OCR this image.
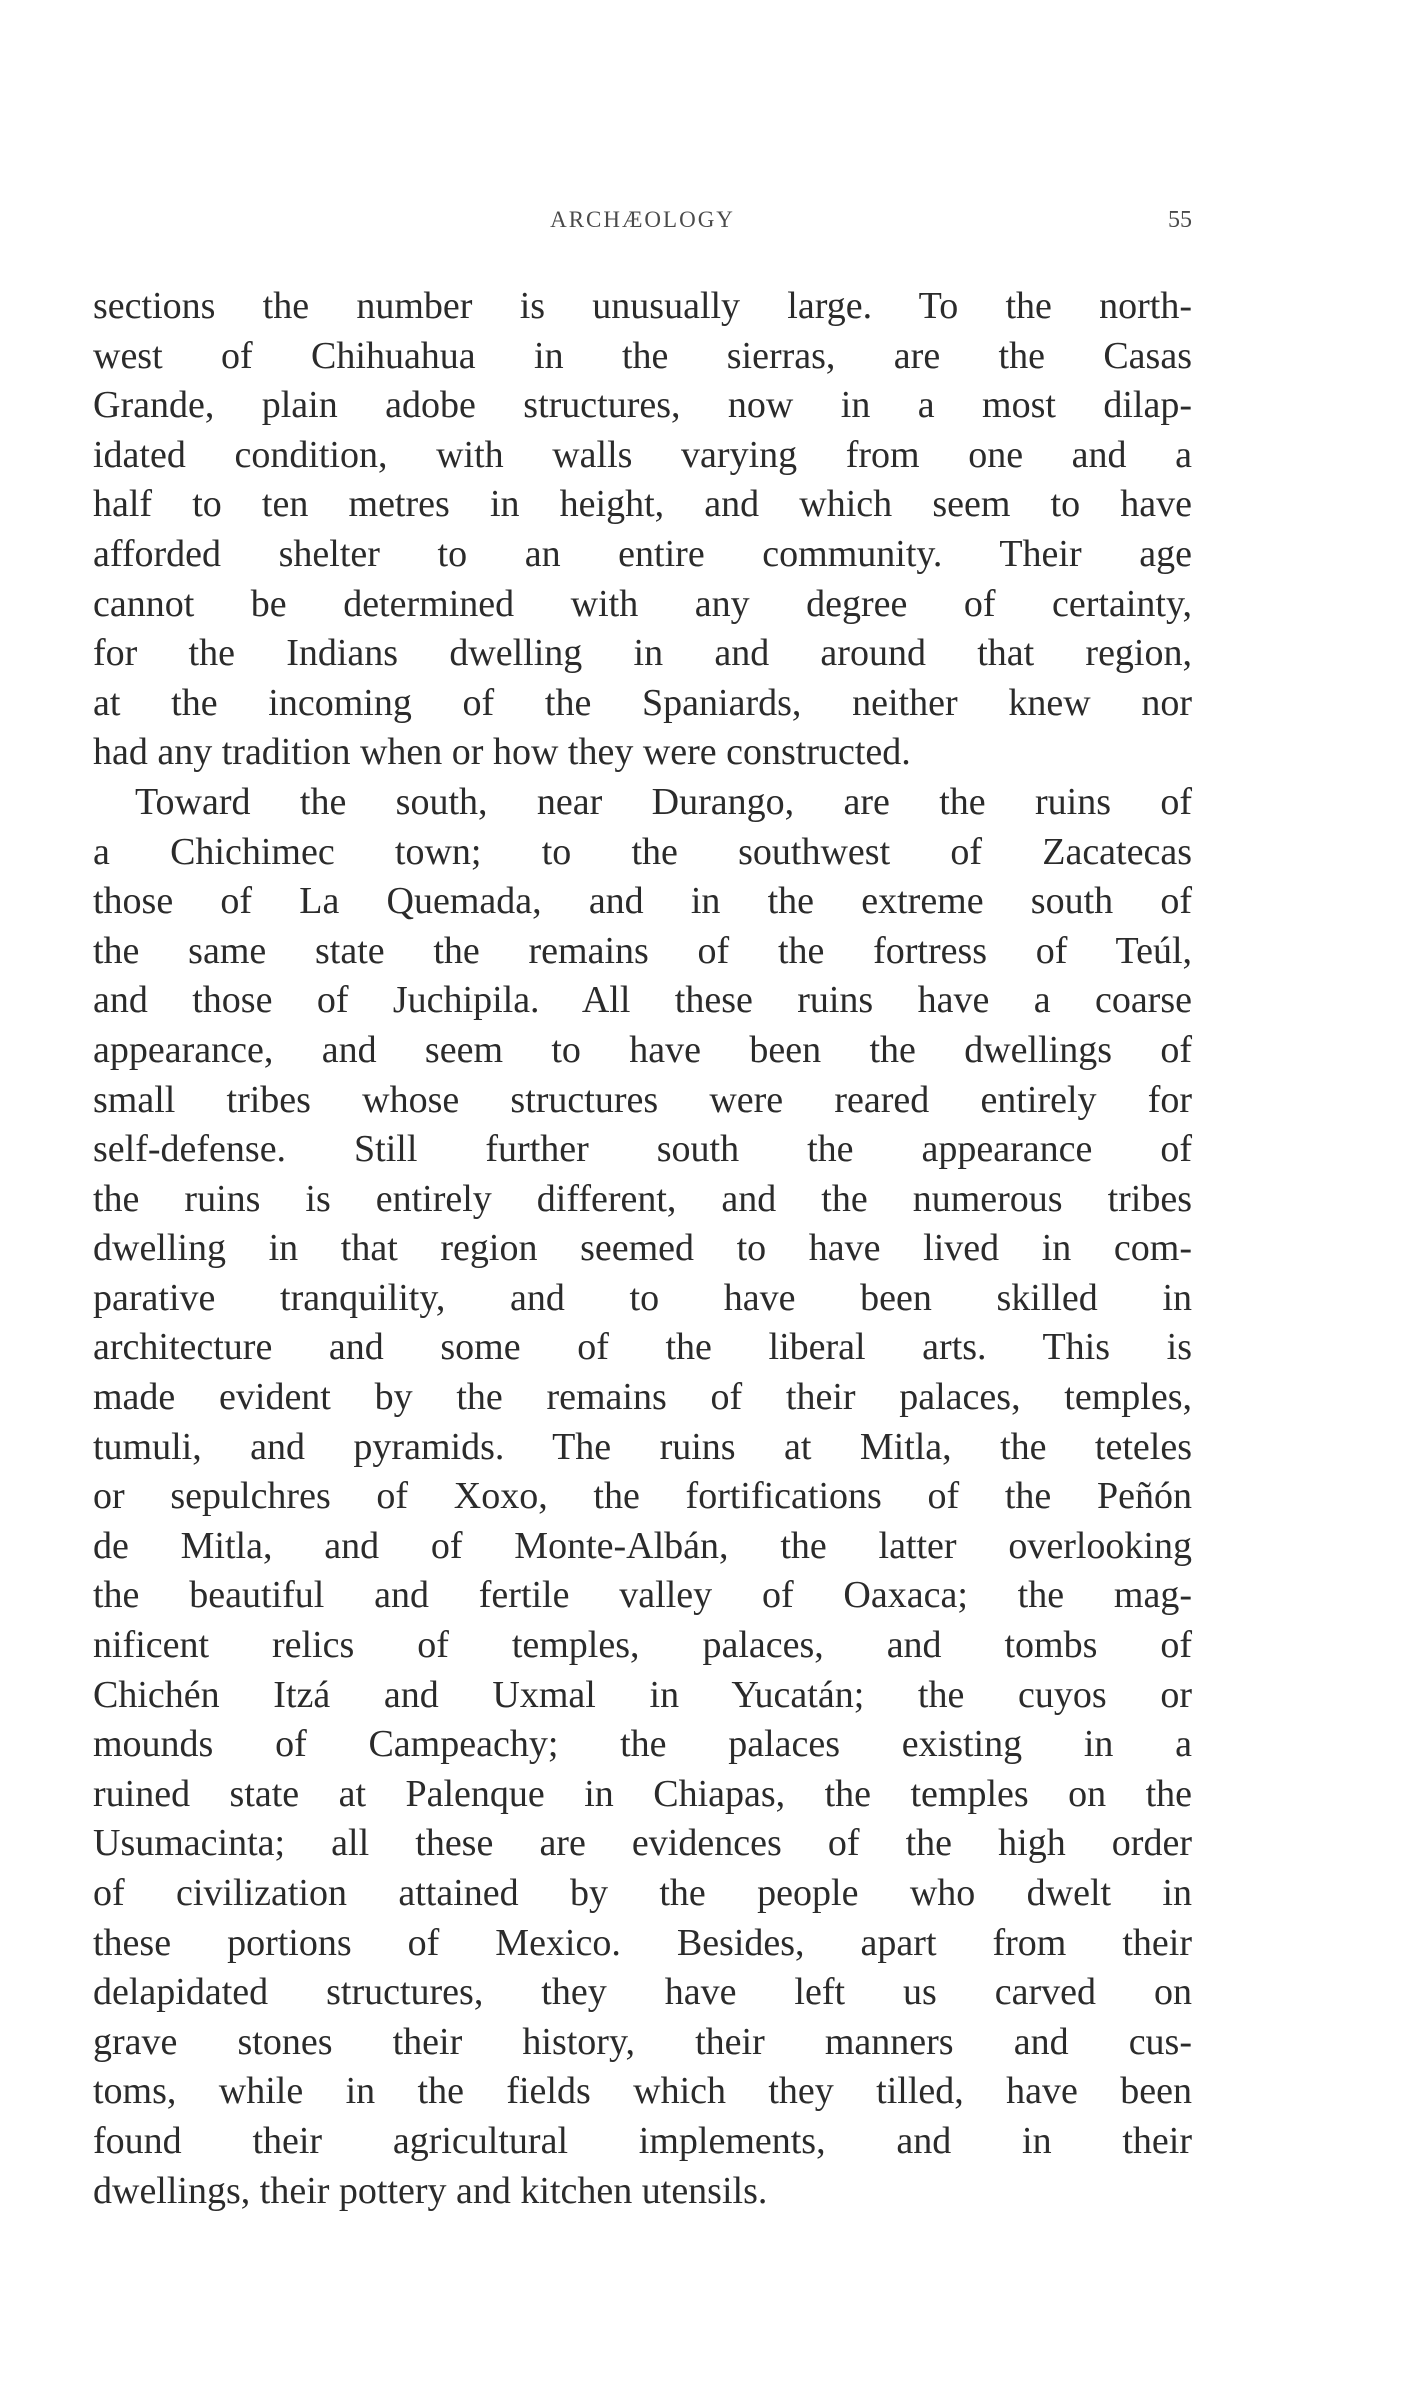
ARCHÆOLOGY	55
sections the number is unusually large. To the north-
west of Chihuahua in the sierras, are the Casas
Grande, plain adobe structures, now in a most dilap-
idated condition, with walls varying from one and a
half to ten metres in height, and which seem to have
afforded shelter to an entire community. Their age
cannot be determined with any degree of certainty,
for the Indians dwelling in and around that region,
at the incoming of the Spaniards, neither knew nor
had any tradition when or how they were constructed.
Toward the south, near Durango, are the ruins of
a Chichimec town; to the southwest of Zacatecas
those of La Quemada, and in the extreme south of
the same state the remains of the fortress of Teúl,
and those of Juchipila. All these ruins have a coarse
appearance, and seem to have been the dwellings of
small tribes whose structures were reared entirely for
self-defense. Still further south the appearance of
the ruins is entirely different, and the numerous tribes
dwelling in that region seemed to have lived in com-
parative tranquility, and to have been skilled in
architecture and some of the liberal arts. This is
made evident by the remains of their palaces, temples,
tumuli, and pyramids. The ruins at Mitla, the teteles
or sepulchres of Xoxo, the fortifications of the Peñón
de Mitla, and of Monte-Albán, the latter overlooking
the beautiful and fertile valley of Oaxaca; the mag-
nificent relics of temples, palaces, and tombs of
Chichén Itzá and Uxmal in Yucatán; the cuyos or
mounds of Campeachy; the palaces existing in a
ruined state at Palenque in Chiapas, the temples on the
Usumacinta; all these are evidences of the high order
of civilization attained by the people who dwelt in
these portions of Mexico. Besides, apart from their
delapidated structures, they have left us carved on
grave stones their history, their manners and cus-
toms, while in the fields which they tilled, have been
found their agricultural implements, and in their
dwellings, their pottery and kitchen utensils.
